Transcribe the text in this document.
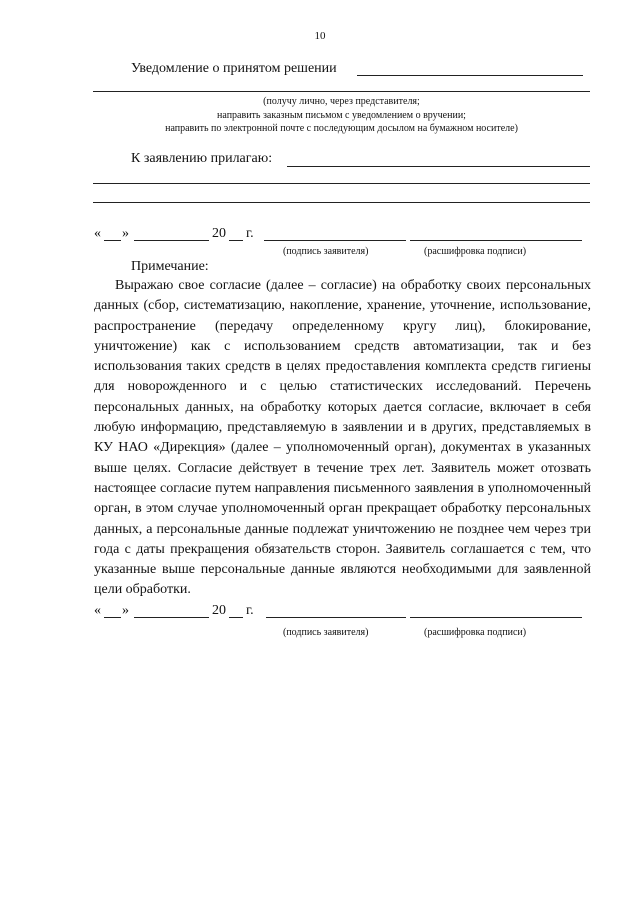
10
Уведомление о принятом решении
(получу лично, через представителя;
направить заказным письмом с уведомлением о вручении;
направить по электронной почте с последующим досылом на бумажном носителе)
К заявлению прилагаю:
« »	20 г.
(подпись заявителя)	(расшифровка подписи)
Примечание:
Выражаю свое согласие (далее – согласие) на обработку своих персональных данных (сбор, систематизацию, накопление, хранение, уточнение, использование, распространение (передачу определенному кругу лиц), блокирование, уничтожение) как с использованием средств автоматизации, так и без использования таких средств в целях предоставления комплекта средств гигиены для новорожденного и с целью статистических исследований. Перечень персональных данных, на обработку которых дается согласие, включает в себя любую информацию, представляемую в заявлении и в других, представляемых в КУ НАО «Дирекция» (далее – уполномоченный орган), документах в указанных выше целях. Согласие действует в течение трех лет. Заявитель может отозвать настоящее согласие путем направления письменного заявления в уполномоченный орган, в этом случае уполномоченный орган прекращает обработку персональных данных, а персональные данные подлежат уничтожению не позднее чем через три года с даты прекращения обязательств сторон. Заявитель соглашается с тем, что указанные выше персональные данные являются необходимыми для заявленной цели обработки.
« »	20 г.
(подпись заявителя)	(расшифровка подписи)
